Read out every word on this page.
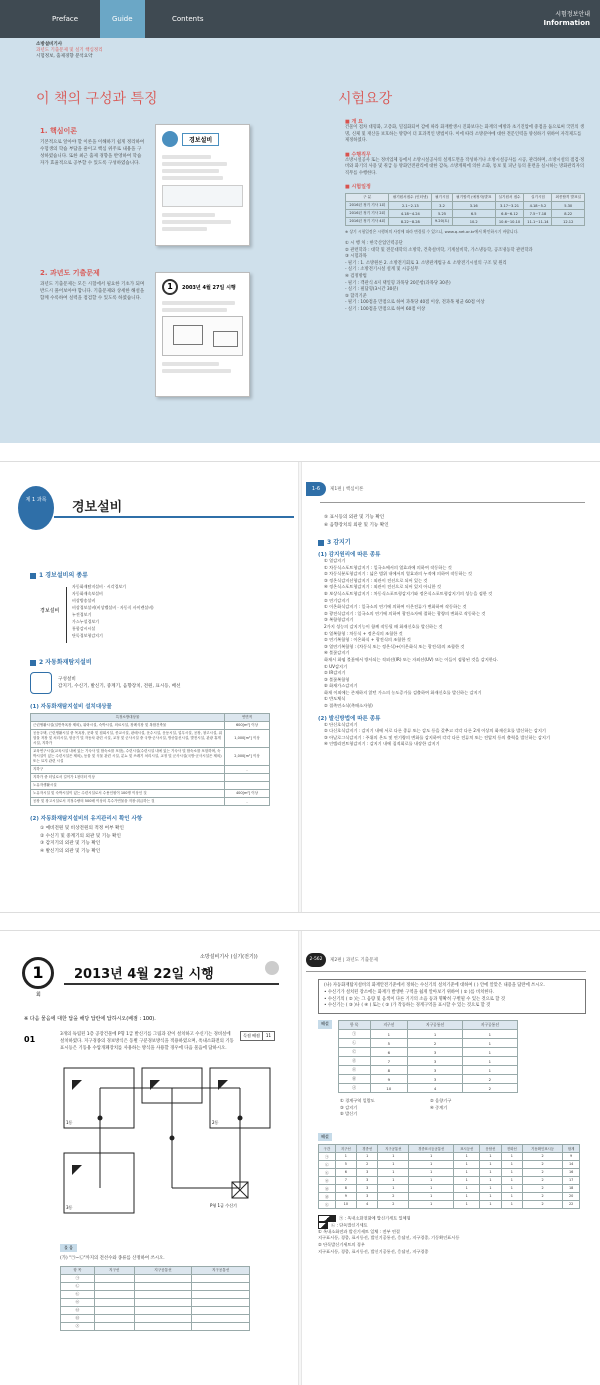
Preface	Guide	Contents
시험정보안내
Information
소방설비기사
과년도 기출문제 및 실기 핵심정리
시험정보, 출제경향 분석요약
이 책의 구성과 특징	시험요강
1. 핵심이론
기본적으로 알아야 할 이론을 이해하기 쉽게 정리하여 수험생의 학습 부담을 줄이고 핵심 위주로 내용을 구성하였습니다. 또한 최근 출제 경향을 반영하여 학습자가 효율적으로 공부할 수 있도록 구성하였습니다.
2. 과년도 기출문제
과년도 기출문제는 모든 시험에서 필요한 기초가 되며 반드시 풀어보아야 합니다. 기출문제와 상세한 해설을 함께 수록하여 실력을 점검할 수 있도록 하였습니다.
경보설비
1	2003년 4월 27일 시행
■ 개 요
건물이 점차 대형화, 고층화, 밀집화되어 감에 따라 화재발생시 진화보다는 화재의 예방과 초기진압에 중점을 둠으로써 국민의 생명, 신체 및 재산을 보호하는 방향이 더 효과적인 방법이다. 이에 따라 소방분야에 대한 전문인력을 양성하기 위하여 자격제도를 제정하였다.
■ 수행직무
소방시설공사 또는 정비업체 등에서 소방시설공사의 설계도면을 작성하거나 소방시설공사를 시공, 관리하며, 소방시설의 점검·정비와 화기의 사용 및 취급 등 방화안전관리에 대한 감독, 소방계획에 의한 소화, 통보 및 피난 등의 훈련을 실시하는 방화관리자의 직무를 수행한다.
■ 시험일정
구 분	필기원서접수 (인터넷)	필기시험	필기합격 (예정자)발표	실기원서 접수	실기시험	최종합격 발표일
2016년 정기 기사 1회	2.1~2.13	3.2	3.16	3.17~3.21	4.18~5.2	5.30
2016년 정기 기사 2회	4.18~4.24	5.25	6.5	6.8~6.12	7.5~7.18	8.22
2016년 정기 기사 4회	8.22~8.28	9.20(토)	10.2	10.6~10.10	11.1~11.14	12.12
※ 상기 시험일정은 시행처의 사정에 따라 변경될 수 있으니, www.q-net.or.kr에서 확인하시기 바랍니다.
① 시 행 처 : 한국산업인력공단
② 관련학과 : 대학 및 전문대학의 소방학, 건축설비학, 기계설비학, 가스냉동학, 공조냉동학 관련학과
③ 시험과목
- 필기 : 1. 소방원론 2. 소방전기회로 3. 소방관계법규 4. 소방전기시설의 구조 및 원리
- 실기 : 소방전기시설 설계 및 시공실무
④ 검정방법
- 필기 : 객관식 4지 택일형 과목당 20문항(과목당 30분)
- 실기 : 필답형(3시간 30분)
⑤ 합격기준
- 필기 : 100점을 만점으로 하여 과목당 40점 이상, 전과목 평균 60점 이상
- 실기 : 100점을 만점으로 하여 60점 이상
제 1 과목	경보설비
1 경보설비의 종류
경보설비
자동화재탐지설비 · 시각경보기
자동화재속보설비
비상방송설비
비상경보설비(비상벨설비 · 자동식 사이렌설비)
누전경보기
가스누설경보기
통합감시시설
단독경보형감지기
2 자동화재탐지설비
구성설비
감지기, 수신기, 발신기, 중계기, 음향장치, 전원, 표시등, 배선
(1) 자동화재탐지설비 설치대상물
특정소방대상물	연면적
근린생활시설(일반목욕장 제외), 위락시설, 숙박시설, 의료시설, 장례식장 및 복합건축물	600[m²] 이상
공동주택, 근린생활시설 중 목욕장, 문화 및 집회시설, 종교시설, 판매시설, 운수시설, 운동시설, 업무시설, 공장, 창고시설, 위험물 저장 및 처리시설, 항공기 및 자동차 관련 시설, 교정 및 군사시설 중 국방·군사시설, 방송통신시설, 발전시설, 관광 휴게시설, 지하가	1,000[m²] 이상
교육연구시설(교육시설 내에 있는 기숙사 및 합숙소를 포함), 수련시설(수련시설 내에 있는 기숙사 및 합숙소를 포함하며, 숙박시설이 있는 수련시설은 제외), 동물 및 식물 관련 시설, 분뇨 및 쓰레기 처리시설, 교정 및 군사시설(국방·군사시설은 제외) 또는 묘지 관련 시설	2,000[m²] 이상
지하구	-
지하가 중 터널로서 길이가 1천미터 이상	
노유자생활시설	
노유자시설 및 숙박시설이 있는 수련시설로서 수용인원이 100명 이상인 것	400[m²] 이상
공장 및 창고시설로서 지정수량의 500배 이상의 특수가연물을 저장·취급하는 것	-
(2) 자동화재탐지설비의 유지관리시 확인 사항
① 예비전원 및 비상전원의 적정 여부 확인
② 수신기 및 중계기의 외관 및 기능 확인
③ 감지기의 외관 및 기능 확인
④ 발신기의 외관 및 기능 확인
1-6	제1편 | 핵심이론
⑤ 표시등의 외관 및 기능 확인
⑥ 음향장치의 외관 및 기능 확인
3 감지기
(1) 감지원리에 따른 종류
① 열감지기
① 차동식스포트형감지기 : 일국소에서의 열효과에 의하여 작동하는 것
② 차동식분포형감지기 : 넓은 범위 내에서의 열효과의 누적에 의하여 작동하는 것
③ 정온식감지선형감지기 : 외관이 전선으로 되어 있는 것
④ 정온식스포트형감지기 : 외관이 전선으로 되어 있지 아니한 것
⑤ 보상식스포트형감지기 : 차동식스포트형감지기와 정온식스포트형감지기의 성능을 겸한 것
② 연기감지기
① 이온화식감지기 : 일국소의 연기에 의하여 이온전류가 변화하여 작동하는 것
② 광전식감지기 : 일국소의 연기에 의하여 광전소자에 접하는 광량의 변화로 작동하는 것
③ 복합형감지기
2가지 성능의 감지기능이 함께 작동될 때 화재신호를 발신하는 것
① 열복합형 : 차동식 + 정온식의 조합한 것
② 연기복합형 : 이온화식 + 광전식의 조합한 것
③ 열연기복합형 : (차동식 또는 정온식)+(이온화식 또는 광전식)의 조합한 것
④ 불꽃감지기
화재시 화염 불꽃에서 방사되는 적외선(IR) 또는 자외선(UV) 또는 이들이 겸합된 것을 감지한다.
① UV감지기
② IR감지기
③ 불꽃복합형
⑤ 화재가스감지기
화재 이외에는 존재하지 않던 가스의 농도증가를 검출하여 화재신호를 발신하는 감지기
① 반도체식
② 접촉연소식(촉매소자형)
(2) 발신방법에 따른 종류
① 단신호식감지기
② 다신호식감지기 : 감지기 내에 서로 다른 종류 또는 감도 등을 갖추고 각각 다른 2개 이상의 화재신호를 발신하는 감지기
③ 아날로그식감지기 : 주위의 온도 및 연기량의 변화를 감지하여 각각 다른 전류치 또는 전압치 등의 출력을 발신하는 감지기
④ 인텔리전트형감지기 : 감지기 내에 집적회로를 내장한 감지기
1
회
2013년 4월 22일 시행
소방설비기사 (실기(전기))
※ 다음 물음에 대한 답을 해당 답란에 답하시오(배점 : 100).
01	득점 배점	11
3개의 독립된 1층 공장건물에 P형 1급 발신기를 그림과 같이 설치하고 수신기는 경비실에 설치하였다. 지구경종의 경보방식은 동별 구분경보방식을 적용하였으며, 옥내소화전의 기동표시등은 기동용 수압개폐장치를 사용하는 방식을 사용할 경우에 다음 물음에 답하시오.
1동	2동
3동	P형 1급 수신기
물 음
(가) "㉠~㉡"까지의 전선수와 종류를 산정하여 쓰시오.
항 목	지구선	지구공통선	지구공통선
㉠			
㉡			
㉢			
㉣			
㉤			
㉥			
㉦			
2-562	제2편 | 과년도 기출문제
(나) 자동화재탐지설비의 화재안전기준에서 정하는 수신기의 설치기준에 대하여 ( ) 안에 알맞은 내용을 답란에 쓰시오.
• 수신기가 설치된 장소에는 화재가 발생한 구역을 쉽게 알아보기 위하여 ( ① )를 비치한다.
• 수신기의 ( ② )는 그 음량 및 음색이 다른 기기의 소음 등과 명확히 구별될 수 있는 것으로 할 것
• 수신기는 ( ③ )나 ( ④ ) 또는 ( ⑤ )가 작동하는 경계구역을 표시할 수 있는 것으로 할 것
해설	항 목	지구선	지구공통선	지구공통선
㉠	1	1	1
㉡	5	2	1
㉢	6	3	1
㉣	7	3	1
㉤	8	3	1
㉥	9	3	2
㉦	10	4	2
① 경계구역 일람도	② 음향기구
③ 감지기	④ 중계기
⑤ 발신기
해설
구간	지구선	경종선	지구공통선	경종표시등공통선	표시등선	응답선	전화선	기동확인표시등	합계
㉠	1	1	1	1	1	1	1	2	9
㉡	5	2	1	1	1	1	1	2	14
㉢	6	3	1	1	1	1	1	2	16
㉣	7	3	1	1	1	1	1	2	17
㉤	8	3	1	1	1	1	1	2	18
㉥	9	3	2	1	1	1	1	2	20
㉦	10	4	2	1	1	1	1	2	22
㉠ : 옥내소화전함에 발신기세트 일체형
㉡ : 단독발신기세트
① 옥내소화전과 발신기세트 일체 : 전부 연결
지구표시등, 경종, 표시등선, 발신기공통선, 응답선, 지구경종, 기동확인표시등
② 단독발신기세트의 경우
지구표시등, 경종, 표시등선, 발신기공통선, 응답선, 지구경종
